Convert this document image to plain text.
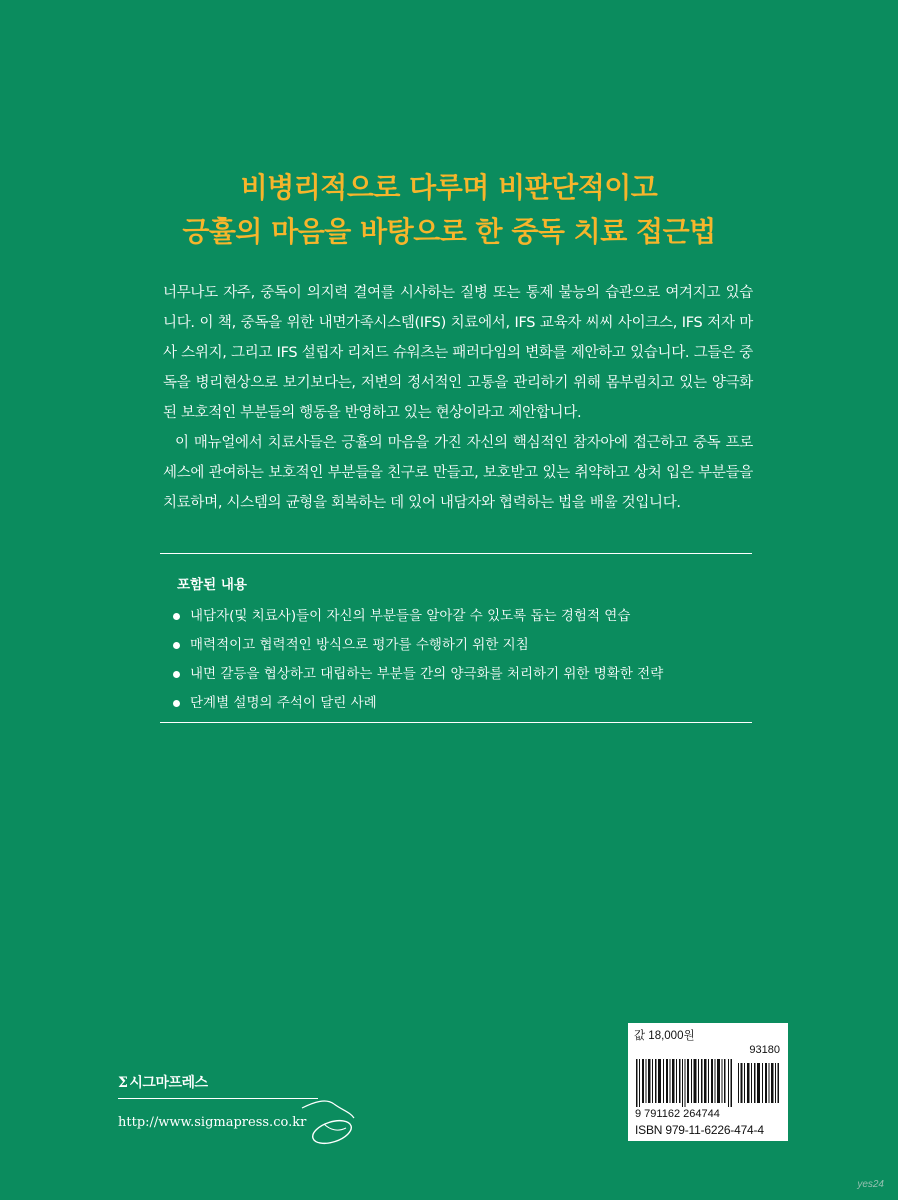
비병리적으로 다루며 비판단적이고
긍휼의 마음을 바탕으로 한 중독 치료 접근법

너무나도 자주, 중독이 의지력 결여를 시사하는 질병 또는 통제 불능의 습관으로 여겨지고 있습니다. 이 책, 중독을 위한 내면가족시스템(IFS) 치료에서, IFS 교육자 씨씨 사이크스, IFS 저자 마사 스위지, 그리고 IFS 설립자 리처드 슈워츠는 패러다임의 변화를 제안하고 있습니다. 그들은 중독을 병리현상으로 보기보다는, 저변의 정서적인 고통을 관리하기 위해 몸부림치고 있는 양극화된 보호적인 부분들의 행동을 반영하고 있는 현상이라고 제안합니다.

이 매뉴얼에서 치료사들은 긍휼의 마음을 가진 자신의 핵심적인 참자아에 접근하고 중독 프로세스에 관여하는 보호적인 부분들을 친구로 만들고, 보호받고 있는 취약하고 상처 입은 부분들을 치료하며, 시스템의 균형을 회복하는 데 있어 내담자와 협력하는 법을 배울 것입니다.

포함된 내용
내담자(및 치료사)들이 자신의 부분들을 알아갈 수 있도록 돕는 경험적 연습
매력적이고 협력적인 방식으로 평가를 수행하기 위한 지침
내면 갈등을 협상하고 대립하는 부분들 간의 양극화를 처리하기 위한 명확한 전략
단계별 설명의 주석이 달린 사례
Σ 시그마프레스
http://www.sigmapress.co.kr
값 18,000원
93180
9 791162 264744
ISBN 979-11-6226-474-4
yes24
